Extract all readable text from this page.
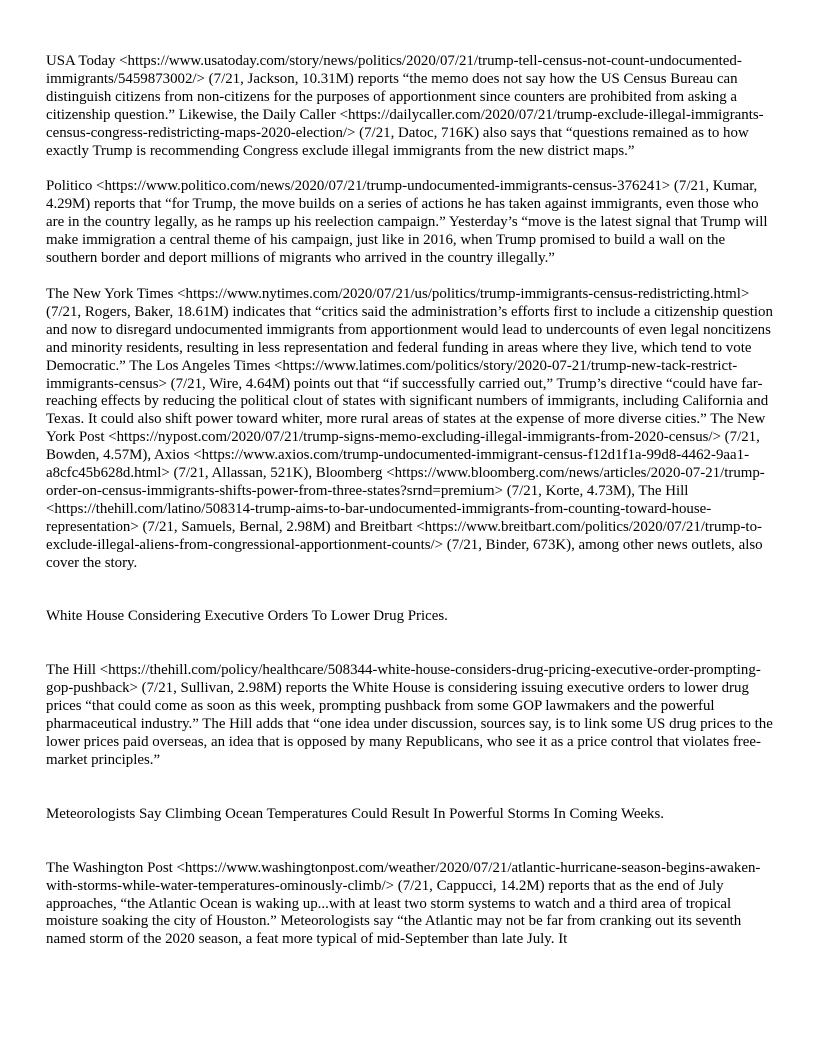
USA Today <https://www.usatoday.com/story/news/politics/2020/07/21/trump-tell-census-not-count-undocumented-immigrants/5459873002/> (7/21, Jackson, 10.31M) reports “the memo does not say how the US Census Bureau can distinguish citizens from non-citizens for the purposes of apportionment since counters are prohibited from asking a citizenship question.” Likewise, the Daily Caller <https://dailycaller.com/2020/07/21/trump-exclude-illegal-immigrants-census-congress-redistricting-maps-2020-election/> (7/21, Datoc, 716K) also says that “questions remained as to how exactly Trump is recommending Congress exclude illegal immigrants from the new district maps.”

Politico <https://www.politico.com/news/2020/07/21/trump-undocumented-immigrants-census-376241> (7/21, Kumar, 4.29M) reports that “for Trump, the move builds on a series of actions he has taken against immigrants, even those who are in the country legally, as he ramps up his reelection campaign.” Yesterday’s “move is the latest signal that Trump will make immigration a central theme of his campaign, just like in 2016, when Trump promised to build a wall on the southern border and deport millions of migrants who arrived in the country illegally.”

The New York Times <https://www.nytimes.com/2020/07/21/us/politics/trump-immigrants-census-redistricting.html> (7/21, Rogers, Baker, 18.61M) indicates that “critics said the administration’s efforts first to include a citizenship question and now to disregard undocumented immigrants from apportionment would lead to undercounts of even legal noncitizens and minority residents, resulting in less representation and federal funding in areas where they live, which tend to vote Democratic.” The Los Angeles Times <https://www.latimes.com/politics/story/2020-07-21/trump-new-tack-restrict-immigrants-census> (7/21, Wire, 4.64M) points out that “if successfully carried out,” Trump’s directive “could have far-reaching effects by reducing the political clout of states with significant numbers of immigrants, including California and Texas. It could also shift power toward whiter, more rural areas of states at the expense of more diverse cities.” The New York Post <https://nypost.com/2020/07/21/trump-signs-memo-excluding-illegal-immigrants-from-2020-census/> (7/21, Bowden, 4.57M), Axios <https://www.axios.com/trump-undocumented-immigrant-census-f12d1f1a-99d8-4462-9aa1-a8cfc45b628d.html> (7/21, Allassan, 521K), Bloomberg <https://www.bloomberg.com/news/articles/2020-07-21/trump-order-on-census-immigrants-shifts-power-from-three-states?srnd=premium> (7/21, Korte, 4.73M), The Hill <https://thehill.com/latino/508314-trump-aims-to-bar-undocumented-immigrants-from-counting-toward-house-representation> (7/21, Samuels, Bernal, 2.98M) and Breitbart <https://www.breitbart.com/politics/2020/07/21/trump-to-exclude-illegal-aliens-from-congressional-apportionment-counts/> (7/21, Binder, 673K), among other news outlets, also cover the story.

White House Considering Executive Orders To Lower Drug Prices.

The Hill <https://thehill.com/policy/healthcare/508344-white-house-considers-drug-pricing-executive-order-prompting-gop-pushback> (7/21, Sullivan, 2.98M) reports the White House is considering issuing executive orders to lower drug prices “that could come as soon as this week, prompting pushback from some GOP lawmakers and the powerful pharmaceutical industry.” The Hill adds that “one idea under discussion, sources say, is to link some US drug prices to the lower prices paid overseas, an idea that is opposed by many Republicans, who see it as a price control that violates free-market principles.”

Meteorologists Say Climbing Ocean Temperatures Could Result In Powerful Storms In Coming Weeks.

The Washington Post <https://www.washingtonpost.com/weather/2020/07/21/atlantic-hurricane-season-begins-awaken-with-storms-while-water-temperatures-ominously-climb/> (7/21, Cappucci, 14.2M) reports that as the end of July approaches, “the Atlantic Ocean is waking up...with at least two storm systems to watch and a third area of tropical moisture soaking the city of Houston.” Meteorologists say “the Atlantic may not be far from cranking out its seventh named storm of the 2020 season, a feat more typical of mid-September than late July. It
